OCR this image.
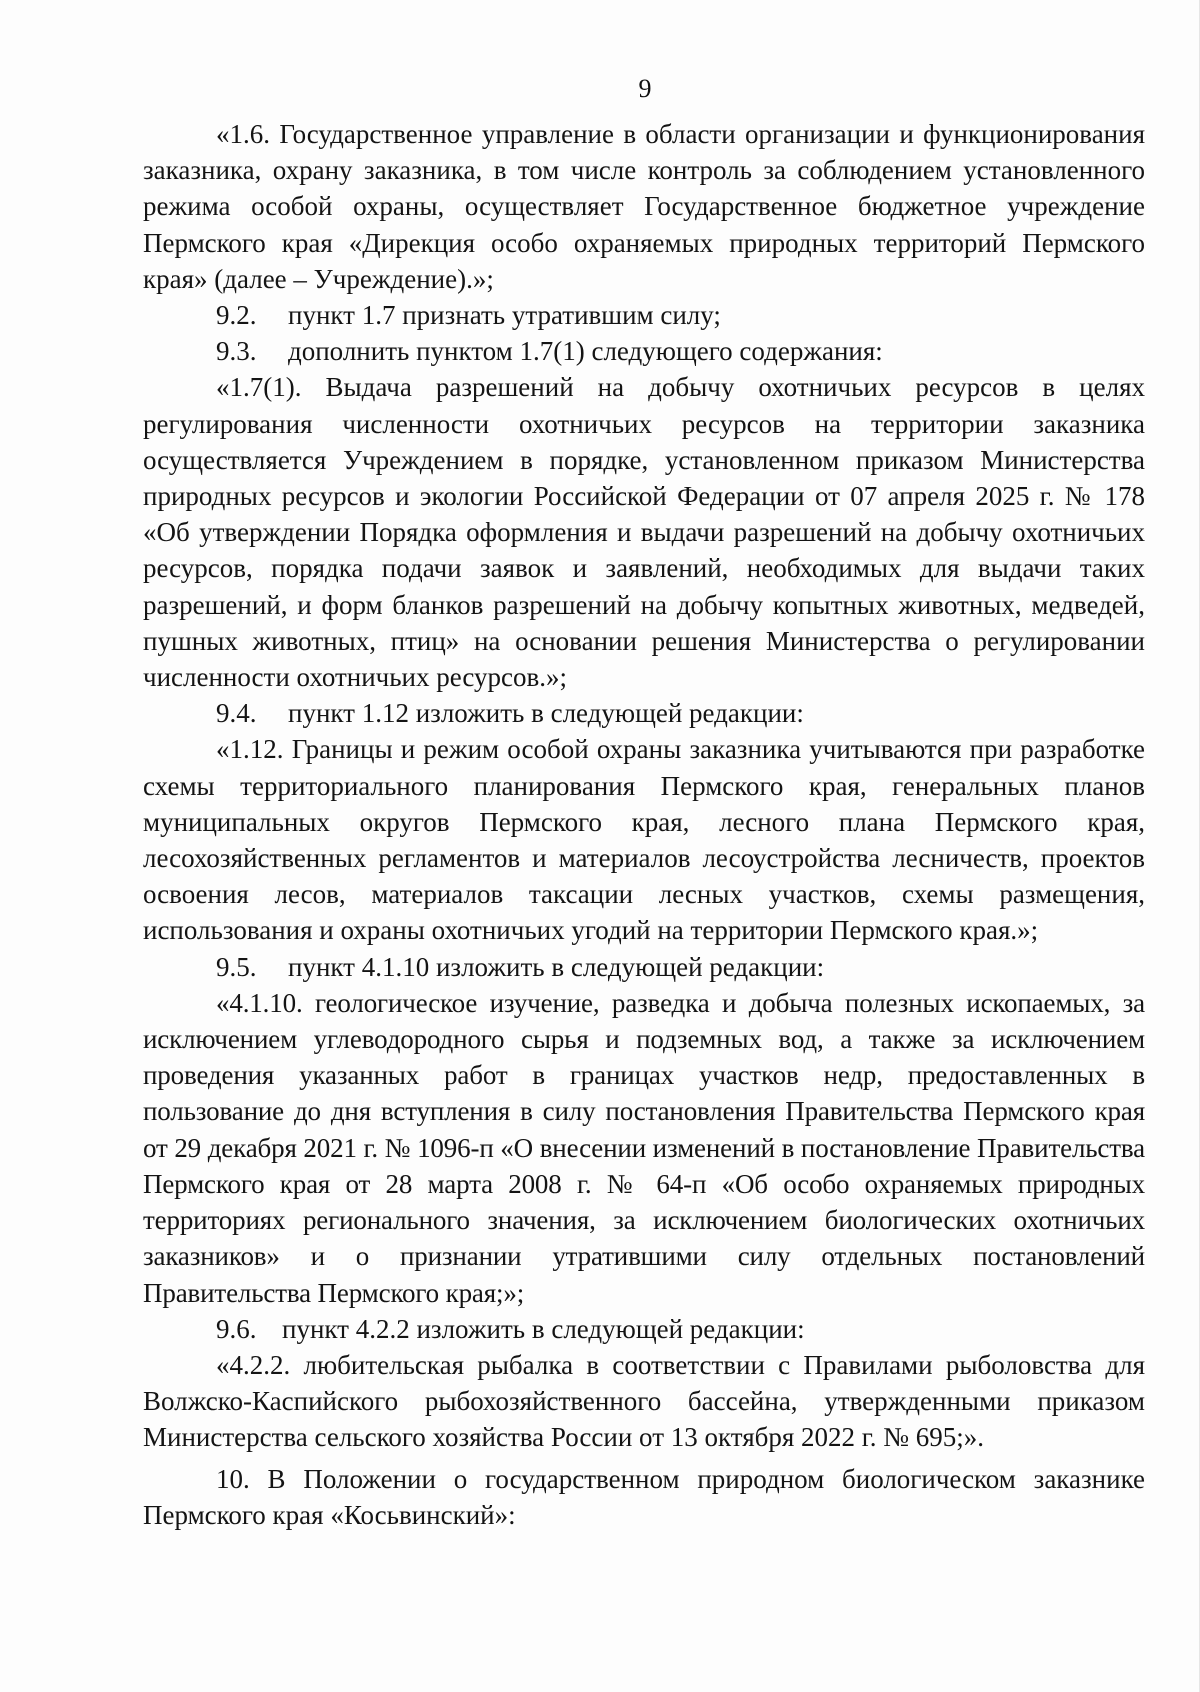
9

«1.6. Государственное управление в области организации и функционирования заказника, охрану заказника, в том числе контроль за соблюдением установленного режима особой охраны, осуществляет Государственное бюджетное учреждение Пермского края «Дирекция особо охраняемых природных территорий Пермского края» (далее – Учреждение).»;

9.2. пункт 1.7 признать утратившим силу;

9.3. дополнить пунктом 1.7(1) следующего содержания:

«1.7(1). Выдача разрешений на добычу охотничьих ресурсов в целях регулирования численности охотничьих ресурсов на территории заказника осуществляется Учреждением в порядке, установленном приказом Министерства природных ресурсов и экологии Российской Федерации от 07 апреля 2025 г. № 178 «Об утверждении Порядка оформления и выдачи разрешений на добычу охотничьих ресурсов, порядка подачи заявок и заявлений, необходимых для выдачи таких разрешений, и форм бланков разрешений на добычу копытных животных, медведей, пушных животных, птиц» на основании решения Министерства о регулировании численности охотничьих ресурсов.»;

9.4. пункт 1.12 изложить в следующей редакции:

«1.12. Границы и режим особой охраны заказника учитываются при разработке схемы территориального планирования Пермского края, генеральных планов муниципальных округов Пермского края, лесного плана Пермского края, лесохозяйственных регламентов и материалов лесоустройства лесничеств, проектов освоения лесов, материалов таксации лесных участков, схемы размещения, использования и охраны охотничьих угодий на территории Пермского края.»;

9.5. пункт 4.1.10 изложить в следующей редакции:

«4.1.10. геологическое изучение, разведка и добыча полезных ископаемых, за исключением углеводородного сырья и подземных вод, а также за исключением проведения указанных работ в границах участков недр, предоставленных в пользование до дня вступления в силу постановления Правительства Пермского края от 29 декабря 2021 г. № 1096-п «О внесении изменений в постановление Правительства Пермского края от 28 марта 2008 г. № 64-п «Об особо охраняемых природных территориях регионального значения, за исключением биологических охотничьих заказников» и о признании утратившими силу отдельных постановлений Правительства Пермского края;»;

9.6. пункт 4.2.2 изложить в следующей редакции:

«4.2.2. любительская рыбалка в соответствии с Правилами рыболовства для Волжско-Каспийского рыбохозяйственного бассейна, утвержденными приказом Министерства сельского хозяйства России от 13 октября 2022 г. № 695;».

10. В Положении о государственном природном биологическом заказнике Пермского края «Косьвинский»:
